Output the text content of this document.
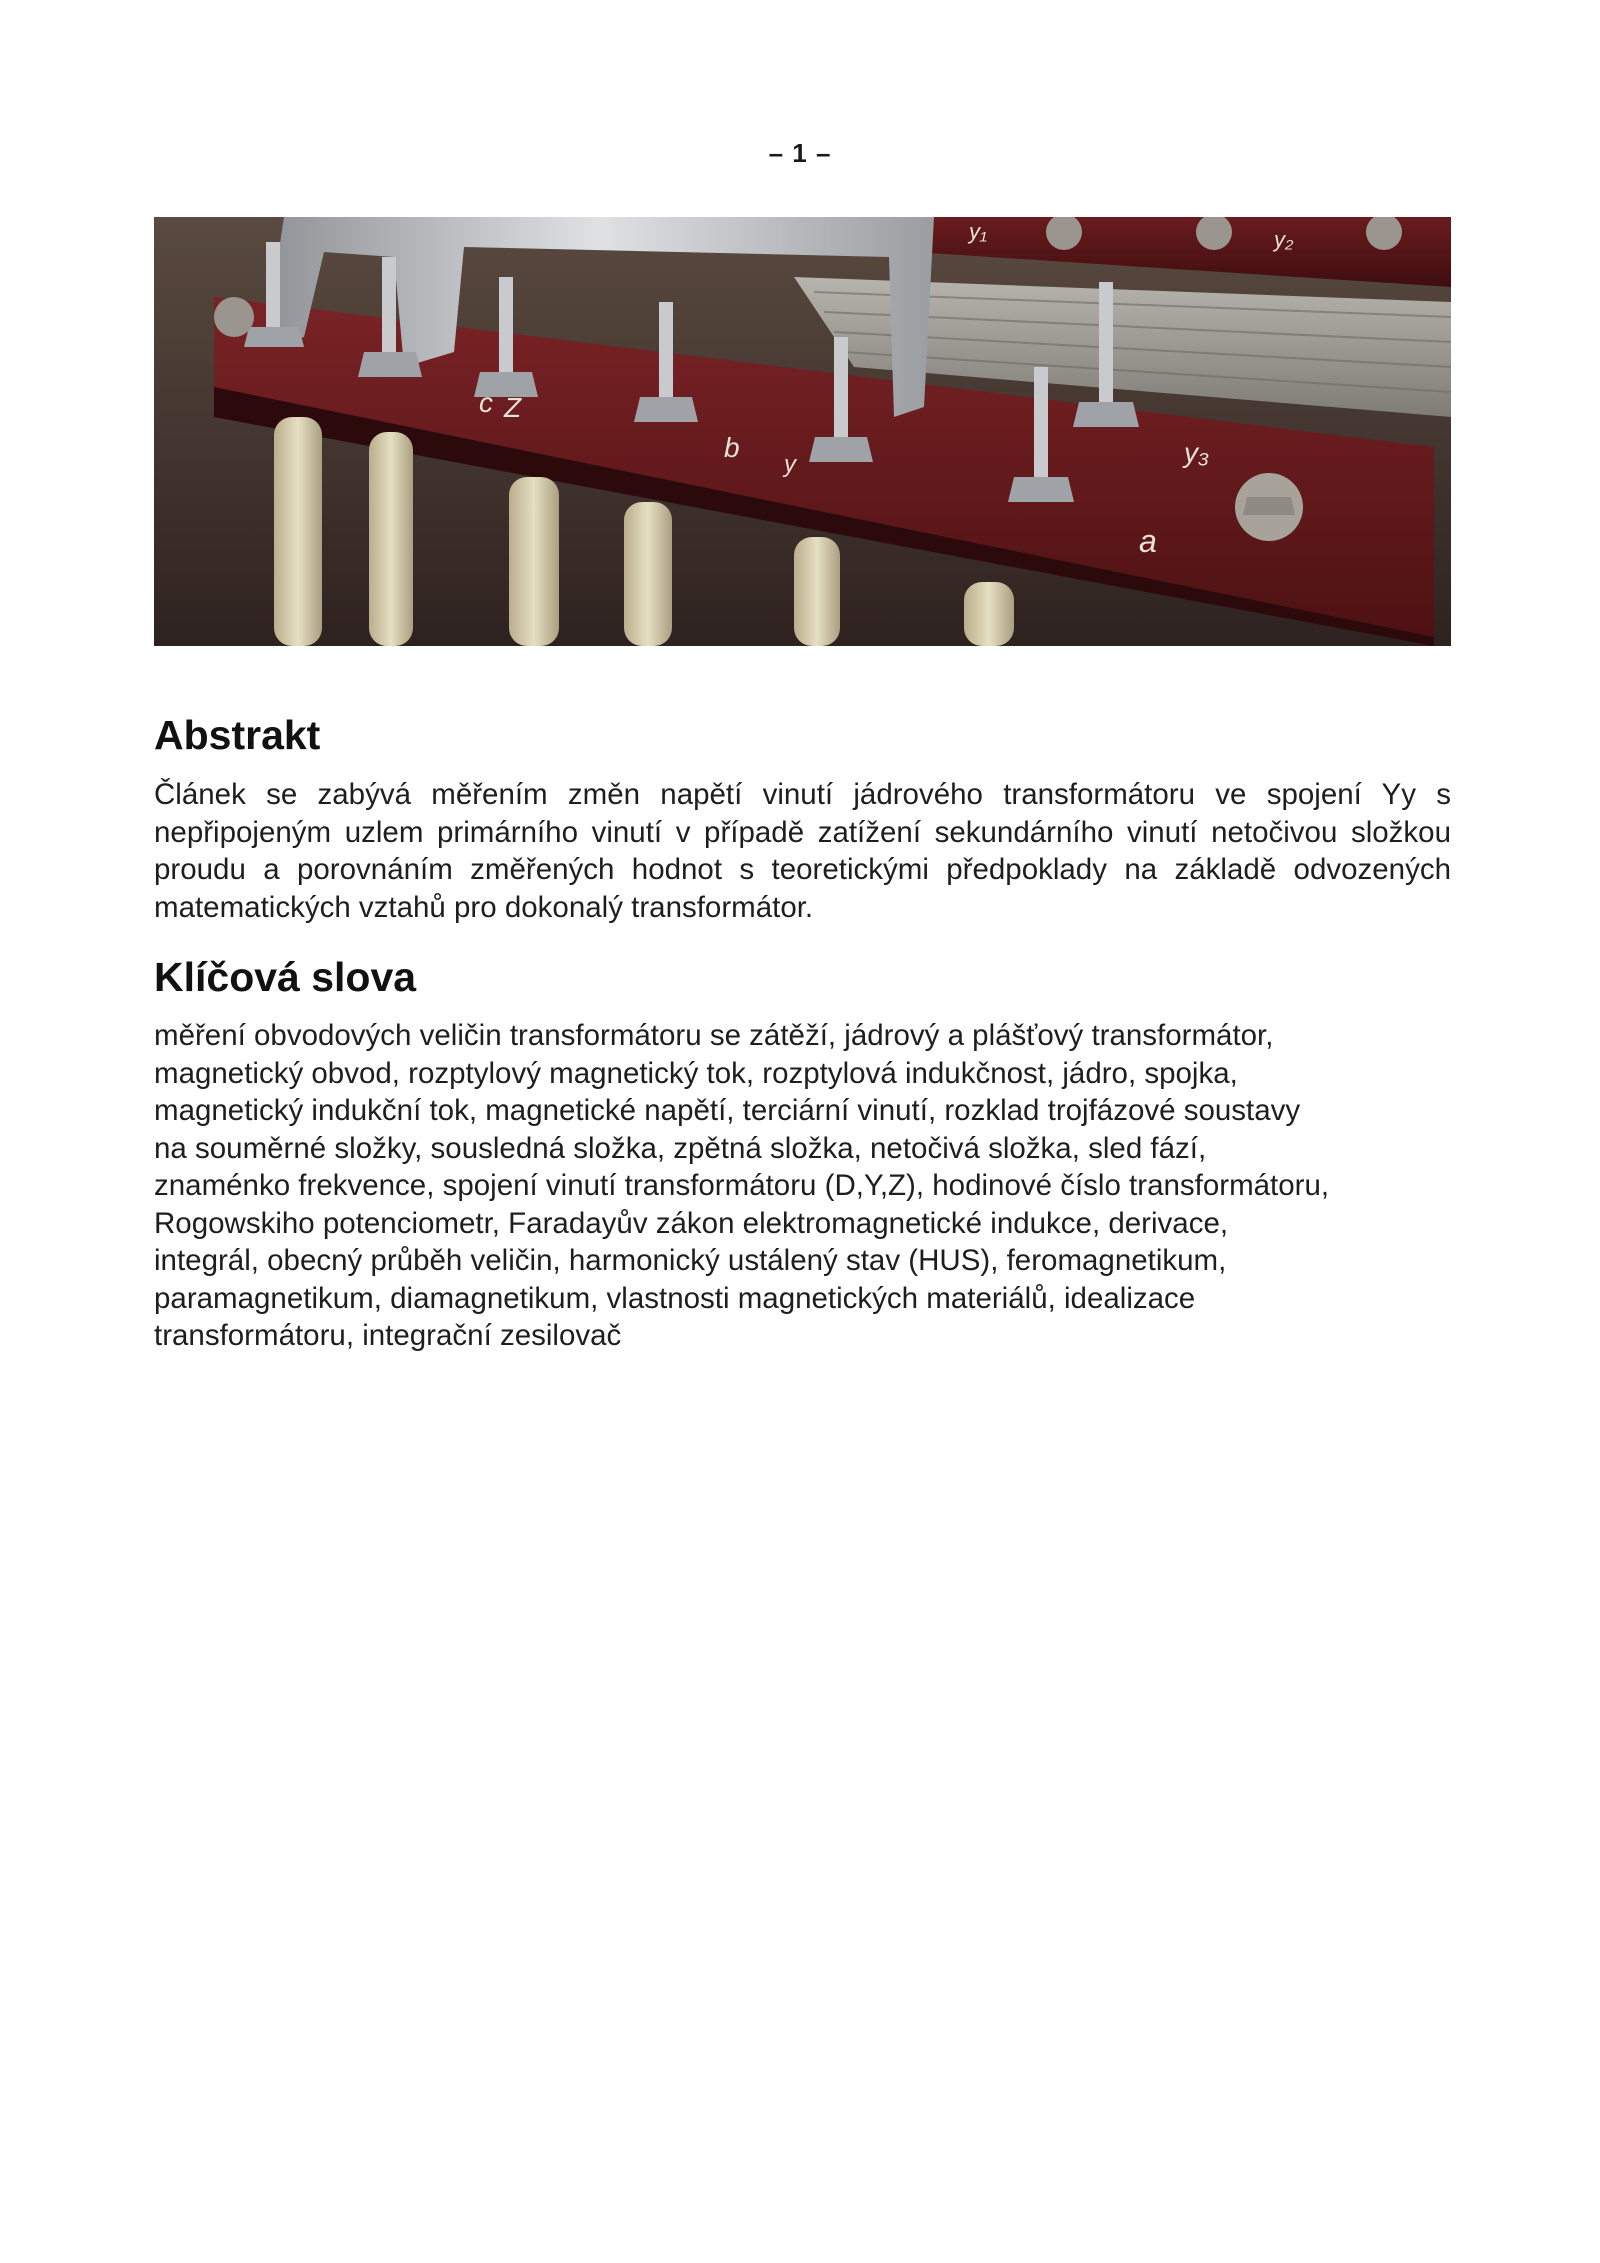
– 1 –
c Z
b
y	y₃
a
y₂
y₁
Abstrakt

Článek se zabývá měřením změn napětí vinutí jádrového transformátoru ve spojení Yy s nepřipojeným uzlem primárního vinutí v případě zatížení sekundárního vinutí netočivou složkou proudu a porovnáním změřených hodnot s teoretickými předpoklady na základě odvozených matematických vztahů pro dokonalý transformátor.

Klíčová slova

měření obvodových veličin transformátoru se zátěží, jádrový a plášťový transformátor,
magnetický obvod, rozptylový magnetický tok, rozptylová indukčnost, jádro, spojka,
magnetický indukční tok, magnetické napětí, terciární vinutí, rozklad trojfázové soustavy
na souměrné složky, sousledná složka, zpětná složka, netočivá složka, sled fází,
znaménko frekvence, spojení vinutí transformátoru (D,Y,Z), hodinové číslo transformátoru,
Rogowskiho potenciometr, Faradayův zákon elektromagnetické indukce, derivace,
integrál, obecný průběh veličin, harmonický ustálený stav (HUS), feromagnetikum,
paramagnetikum, diamagnetikum, vlastnosti magnetických materiálů, idealizace
transformátoru, integrační zesilovač
